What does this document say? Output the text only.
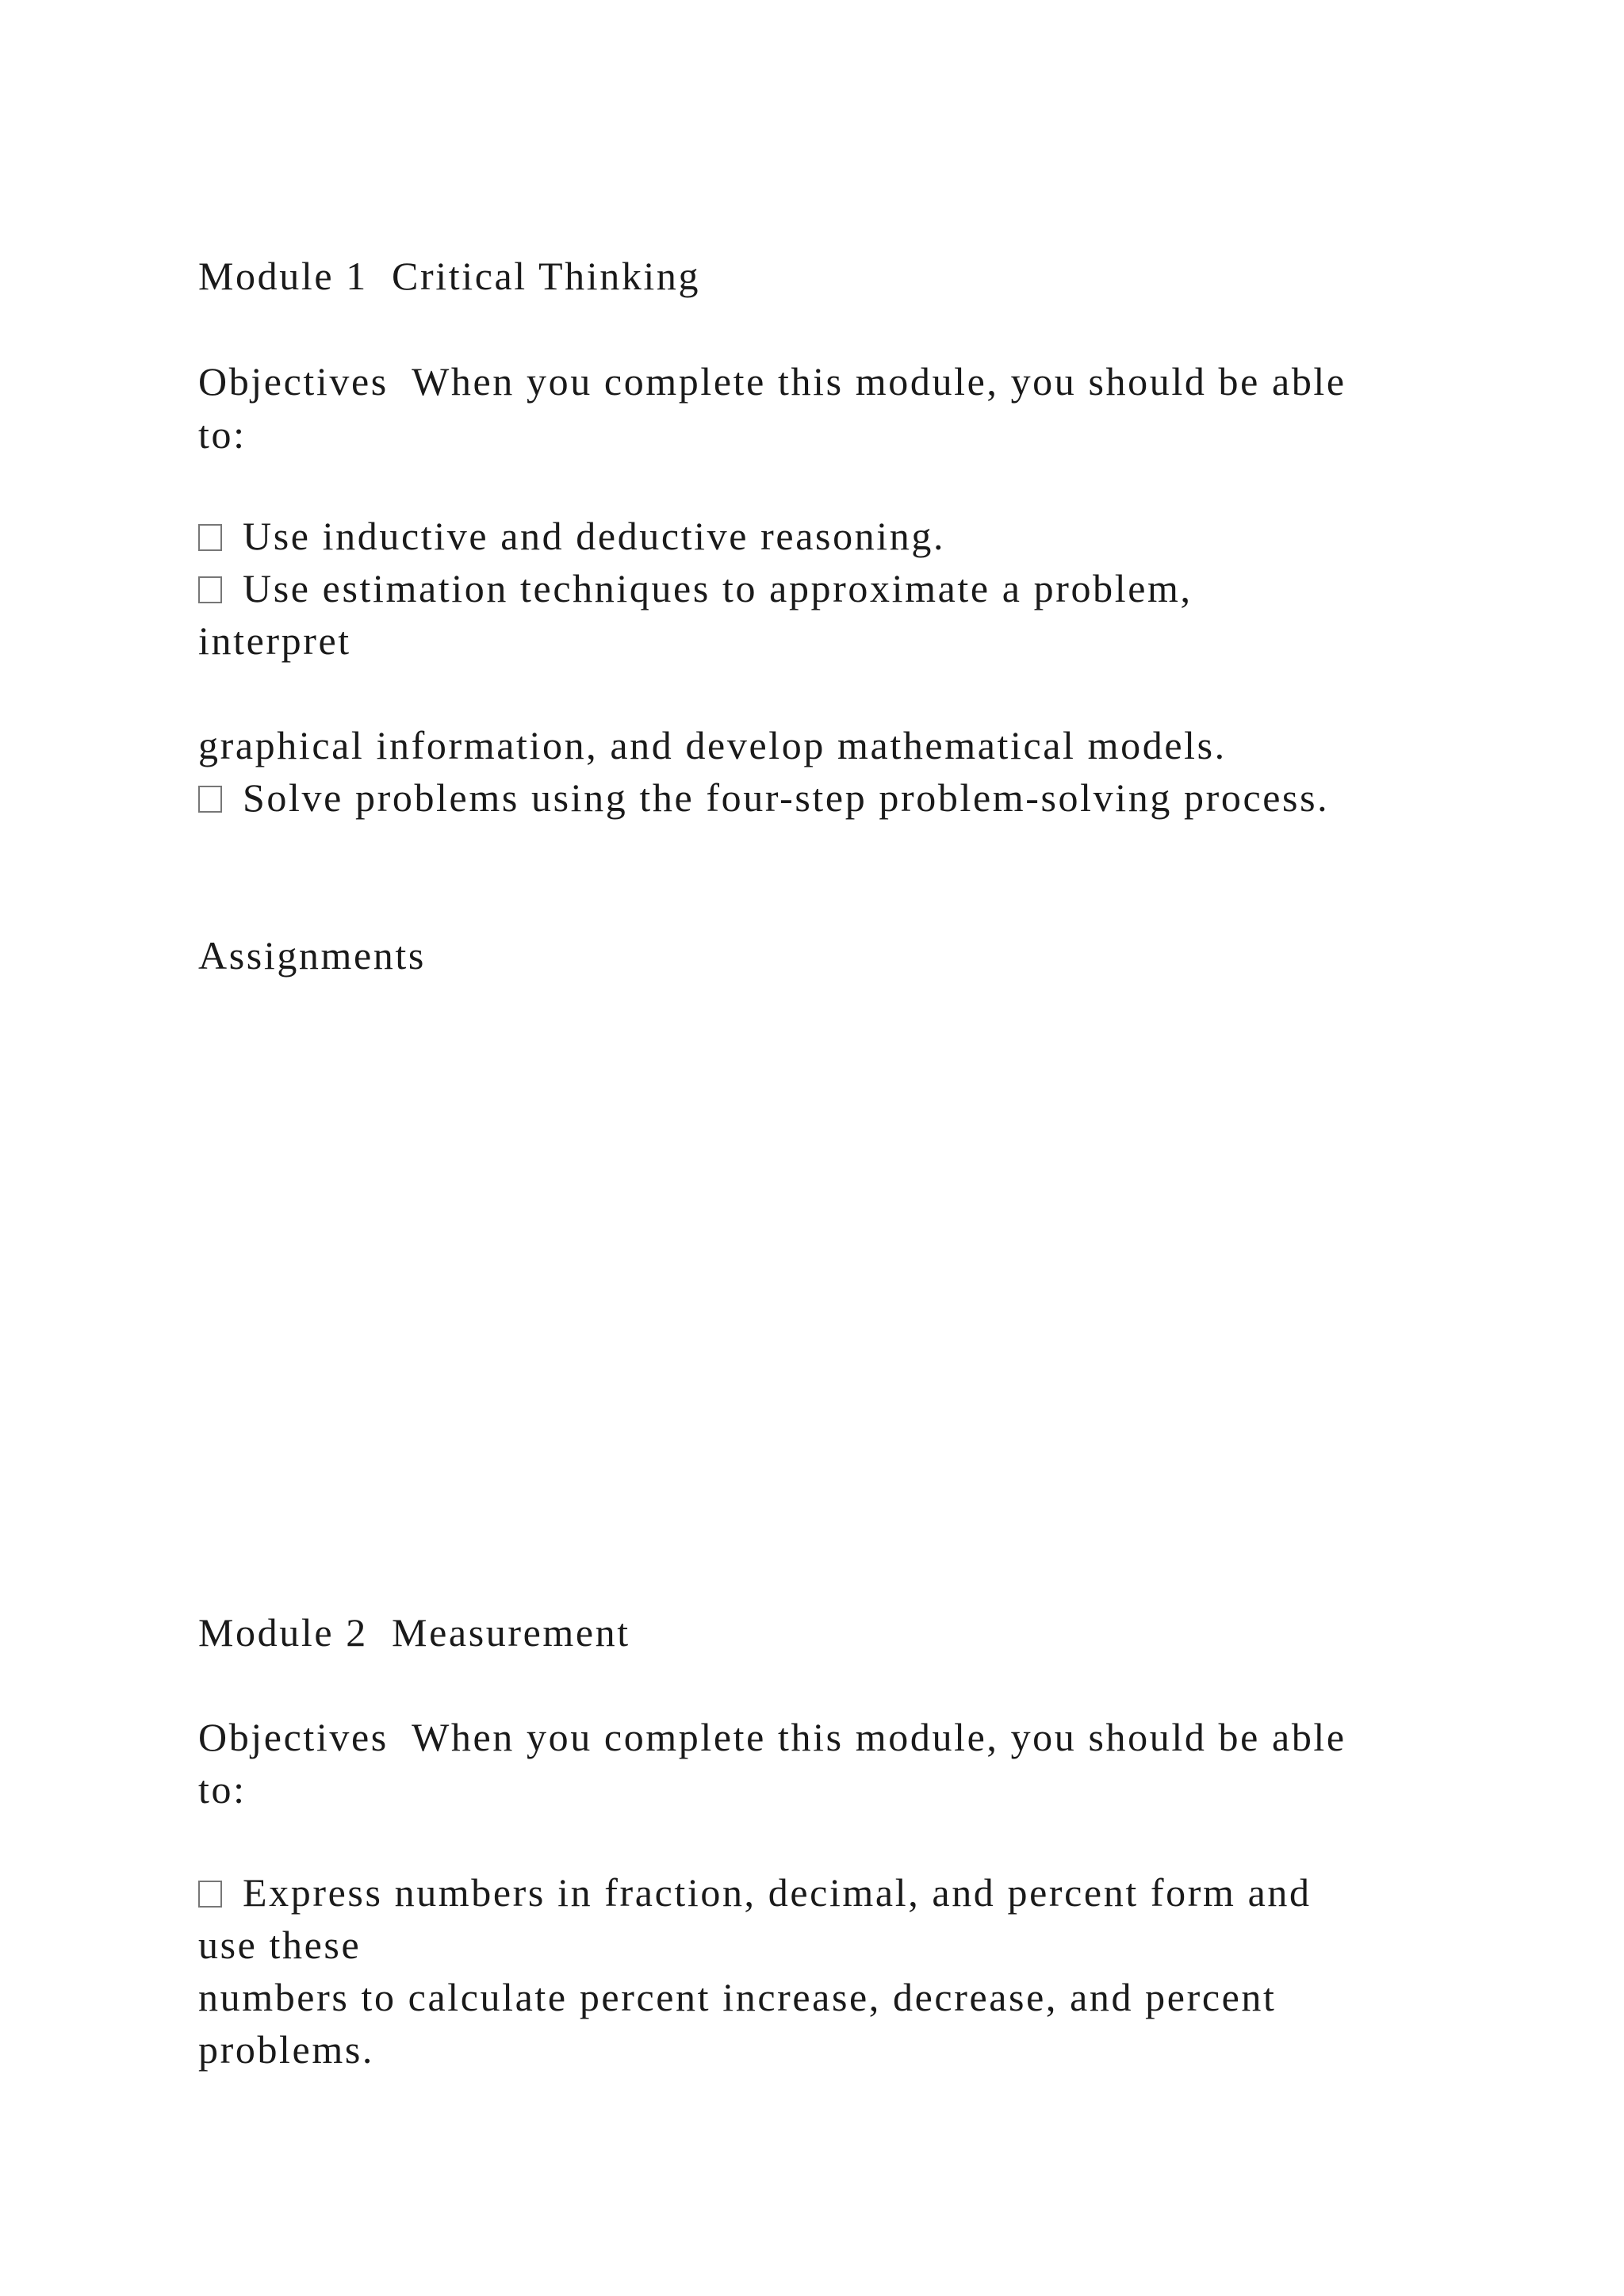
Module 1 Critical Thinking
Objectives When you complete this module, you should be able
to:
Use inductive and deductive reasoning.
Use estimation techniques to approximate a problem,
interpret
graphical information, and develop mathematical models.
Solve problems using the four-step problem-solving process.
Assignments
Module 2 Measurement
Objectives When you complete this module, you should be able
to:
Express numbers in fraction, decimal, and percent form and
use these
numbers to calculate percent increase, decrease, and percent
problems.
